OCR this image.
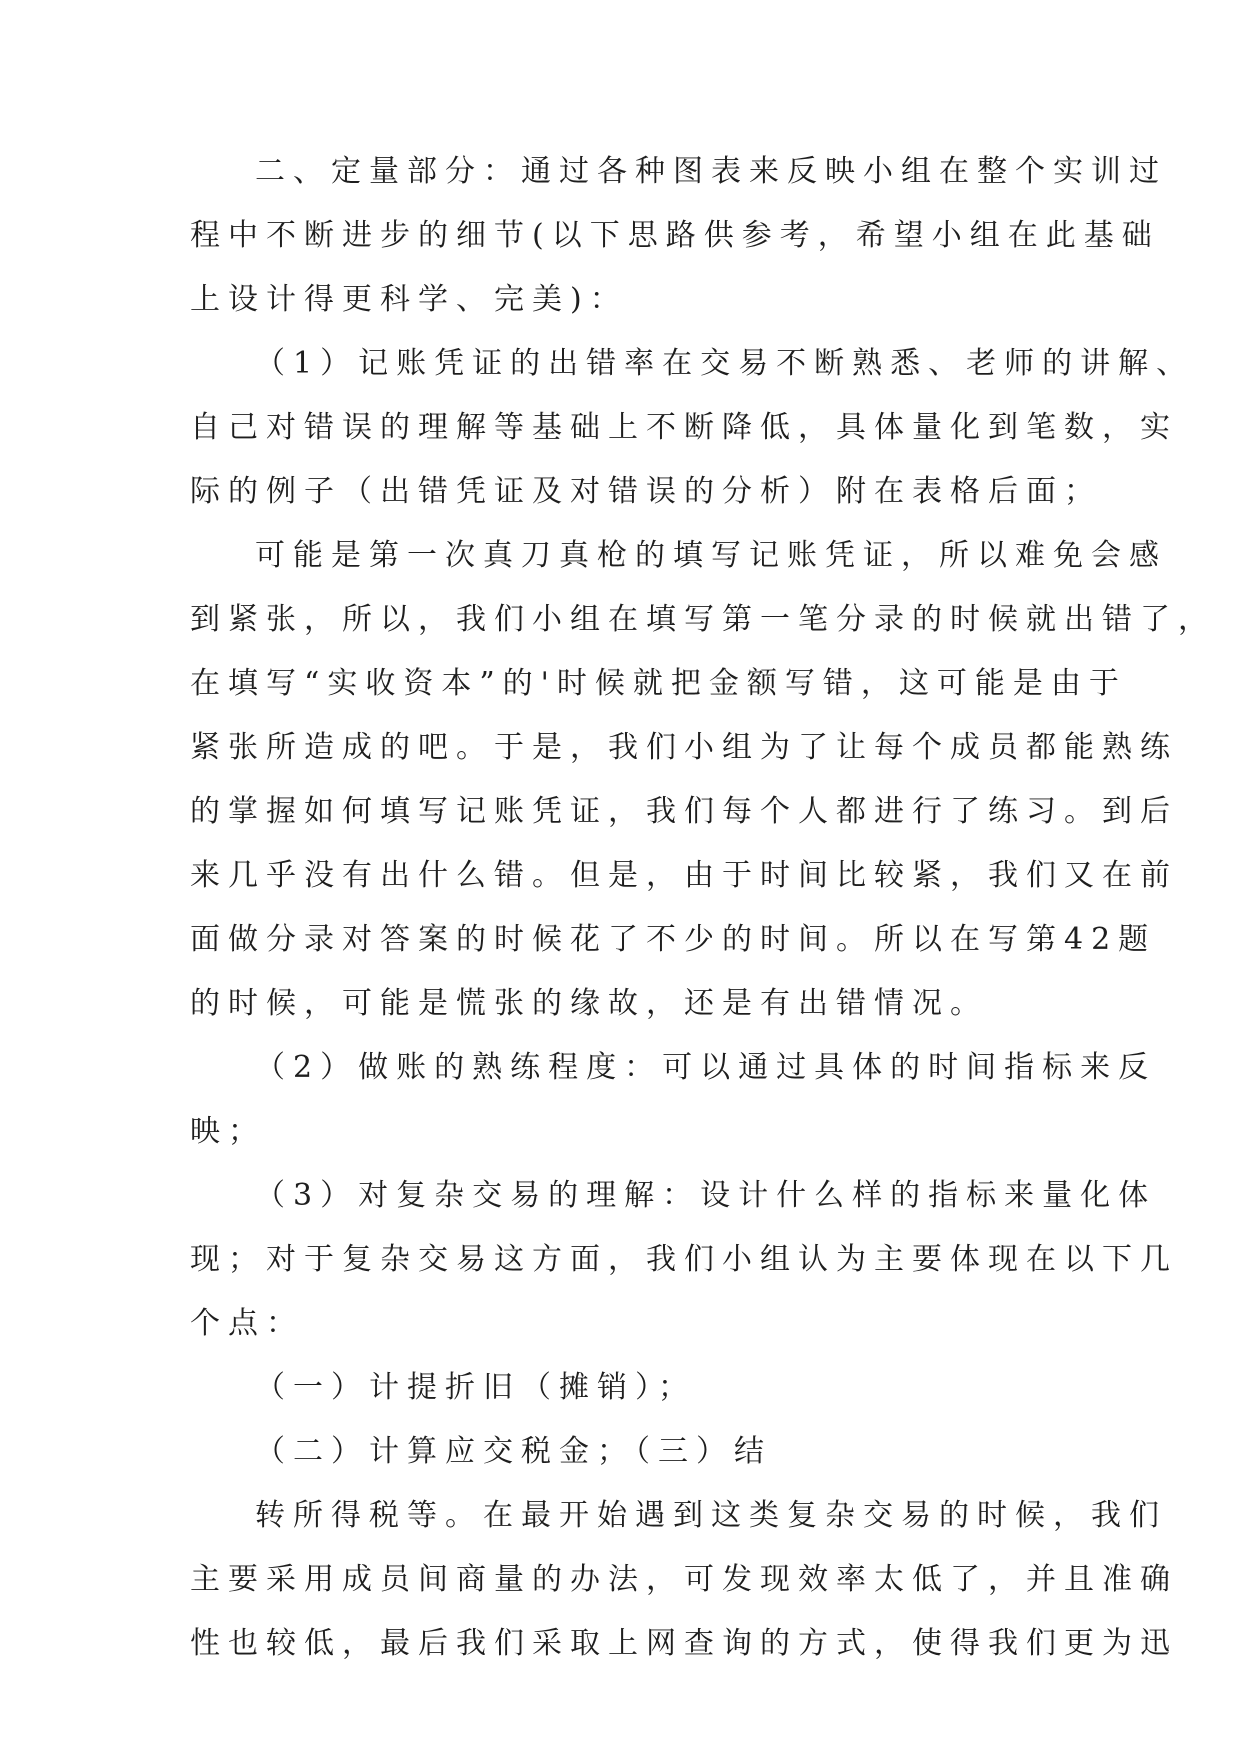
二、定量部分：通过各种图表来反映小组在整个实训过
程中不断进步的细节(以下思路供参考，希望小组在此基础
上设计得更科学、完美)：
（1）记账凭证的出错率在交易不断熟悉、老师的讲解、
自己对错误的理解等基础上不断降低，具体量化到笔数，实
际的例子（出错凭证及对错误的分析）附在表格后面；
可能是第一次真刀真枪的填写记账凭证，所以难免会感
到紧张，所以，我们小组在填写第一笔分录的时候就出错了，
在填写“实收资本”的'时候就把金额写错，这可能是由于
紧张所造成的吧。于是，我们小组为了让每个成员都能熟练
的掌握如何填写记账凭证，我们每个人都进行了练习。到后
来几乎没有出什么错。但是，由于时间比较紧，我们又在前
面做分录对答案的时候花了不少的时间。所以在写第42题
的时候，可能是慌张的缘故，还是有出错情况。
（2）做账的熟练程度：可以通过具体的时间指标来反
映；
（3）对复杂交易的理解：设计什么样的指标来量化体
现；对于复杂交易这方面，我们小组认为主要体现在以下几
个点：
（一）计提折旧（摊销）；
（二）计算应交税金；（三）结
转所得税等。在最开始遇到这类复杂交易的时候，我们
主要采用成员间商量的办法，可发现效率太低了，并且准确
性也较低，最后我们采取上网查询的方式，使得我们更为迅
